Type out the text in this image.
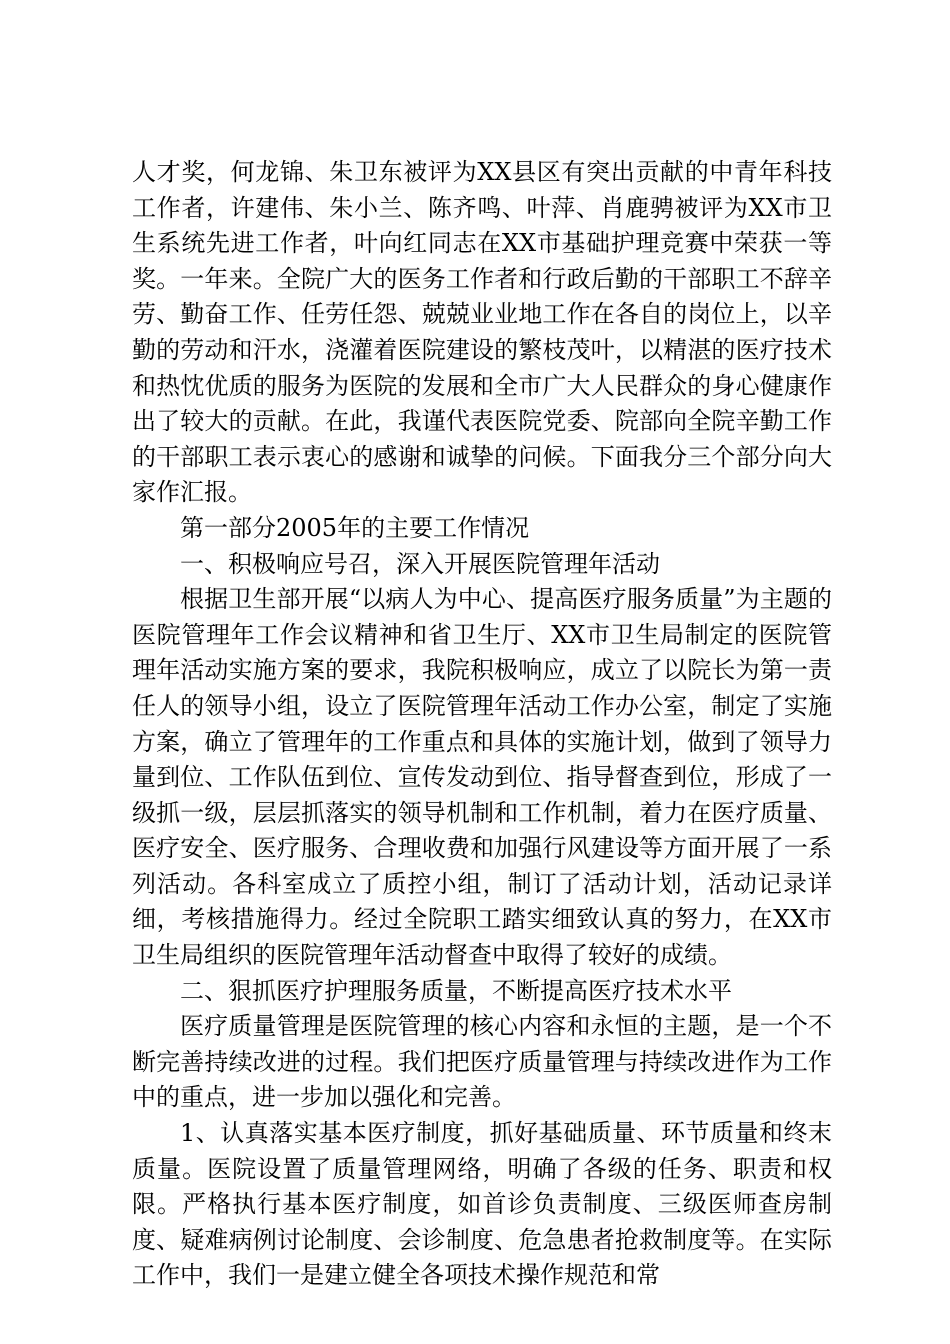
人才奖，何龙锦、朱卫东被评为XX县区有突出贡献的中青年科技工作者，许建伟、朱小兰、陈齐鸣、叶萍、肖鹿骋被评为XX市卫生系统先进工作者，叶向红同志在XX市基础护理竞赛中荣获一等奖。一年来。全院广大的医务工作者和行政后勤的干部职工不辞辛劳、勤奋工作、任劳任怨、兢兢业业地工作在各自的岗位上，以辛勤的劳动和汗水，浇灌着医院建设的繁枝茂叶，以精湛的医疗技术和热忱优质的服务为医院的发展和全市广大人民群众的身心健康作出了较大的贡献。在此，我谨代表医院党委、院部向全院辛勤工作的干部职工表示衷心的感谢和诚挚的问候。下面我分三个部分向大家作汇报。

第一部分2005年的主要工作情况

一、积极响应号召，深入开展医院管理年活动

根据卫生部开展“以病人为中心、提高医疗服务质量”为主题的医院管理年工作会议精神和省卫生厅、XX市卫生局制定的医院管理年活动实施方案的要求，我院积极响应，成立了以院长为第一责任人的领导小组，设立了医院管理年活动工作办公室，制定了实施方案，确立了管理年的工作重点和具体的实施计划，做到了领导力量到位、工作队伍到位、宣传发动到位、指导督查到位，形成了一级抓一级，层层抓落实的领导机制和工作机制，着力在医疗质量、医疗安全、医疗服务、合理收费和加强行风建设等方面开展了一系列活动。各科室成立了质控小组，制订了活动计划，活动记录详细，考核措施得力。经过全院职工踏实细致认真的努力，在XX市卫生局组织的医院管理年活动督查中取得了较好的成绩。

二、狠抓医疗护理服务质量，不断提高医疗技术水平

医疗质量管理是医院管理的核心内容和永恒的主题，是一个不断完善持续改进的过程。我们把医疗质量管理与持续改进作为工作中的重点，进一步加以强化和完善。

1、认真落实基本医疗制度，抓好基础质量、环节质量和终末质量。医院设置了质量管理网络，明确了各级的任务、职责和权限。严格执行基本医疗制度，如首诊负责制度、三级医师查房制度、疑难病例讨论制度、会诊制度、危急患者抢救制度等。在实际工作中，我们一是建立健全各项技术操作规范和常
